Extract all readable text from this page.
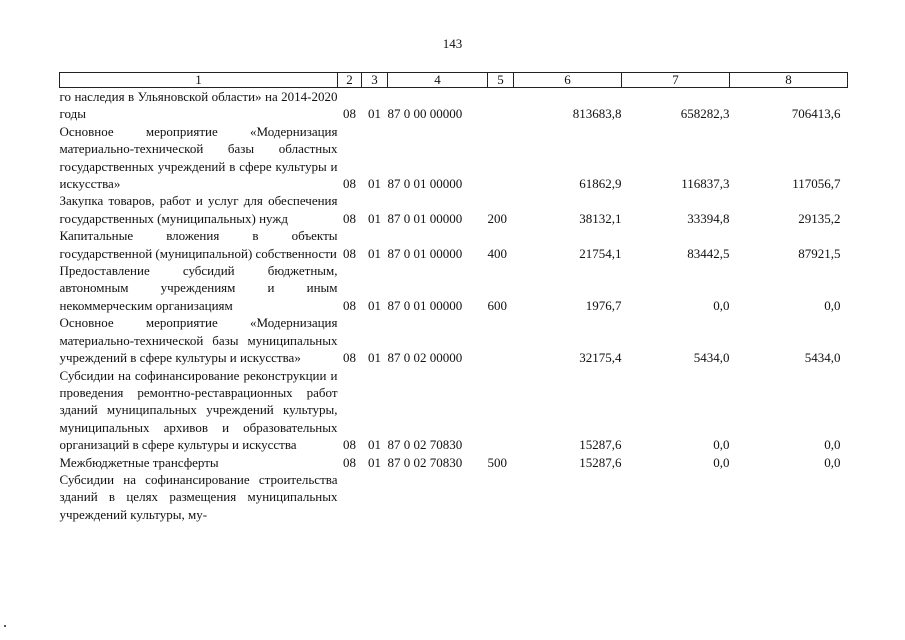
143
1	2	3	4	5	6	7	8
го наследия в Ульяновской области» на 2014-2020 годы	08	01	87 0 00 00000		813683,8	658282,3	706413,6
Основное мероприятие «Модернизация материально-технической базы областных государственных учреждений в сфере культуры и искусства»	08	01	87 0 01 00000		61862,9	116837,3	117056,7
Закупка товаров, работ и услуг для обеспечения государственных (муниципальных) нужд	08	01	87 0 01 00000	200	38132,1	33394,8	29135,2
Капитальные вложения в объекты государственной (муниципальной) собственности	08	01	87 0 01 00000	400	21754,1	83442,5	87921,5
Предоставление субсидий бюджетным, автономным учреждениям и иным некоммерческим организациям	08	01	87 0 01 00000	600	1976,7	0,0	0,0
Основное мероприятие «Модернизация материально-технической базы муниципальных учреждений в сфере культуры и искусства»	08	01	87 0 02 00000		32175,4	5434,0	5434,0
Субсидии на софинансирование реконструкции и проведения ремонтно-реставрационных работ зданий муниципальных учреждений культуры, муниципальных архивов и образовательных организаций в сфере культуры и искусства	08	01	87 0 02 70830		15287,6	0,0	0,0
Межбюджетные трансферты	08	01	87 0 02 70830	500	15287,6	0,0	0,0
Субсидии на софинансирование строительства зданий в целях размещения муниципальных учреждений культуры, му-							
